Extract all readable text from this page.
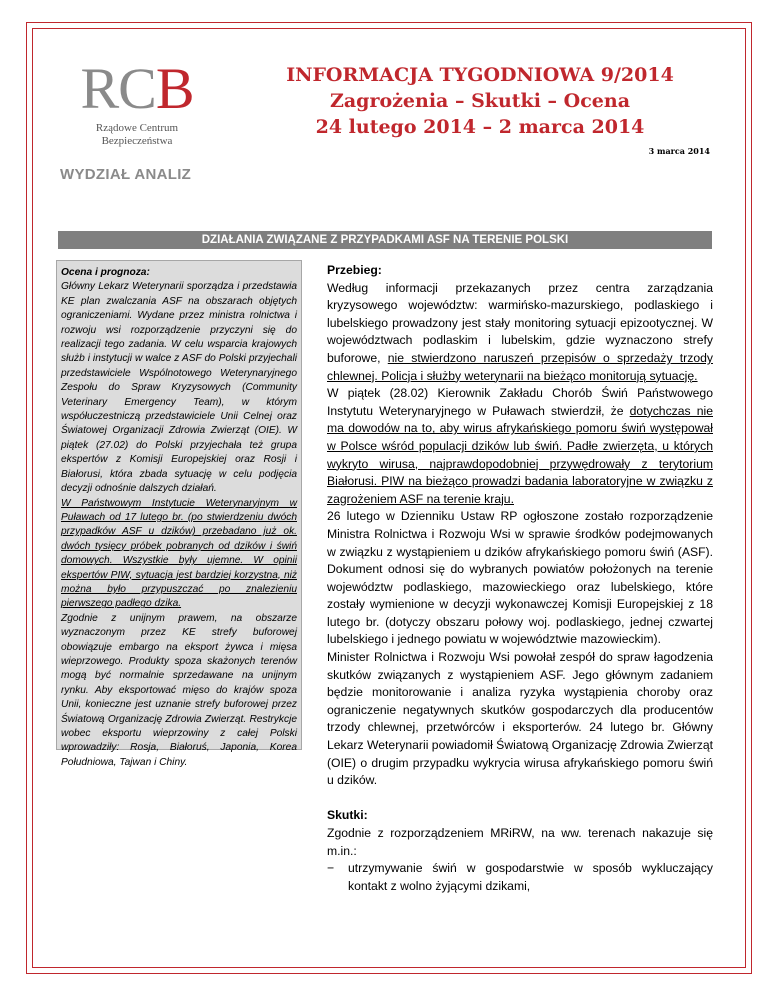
RCB
Rządowe Centrum
Bezpieczeństwa
INFORMACJA TYGODNIOWA 9/2014
Zagrożenia – Skutki – Ocena
24 lutego 2014 – 2 marca 2014
3 marca 2014
WYDZIAŁ ANALIZ
DZIAŁANIA ZWIĄZANE Z PRZYPADKAMI ASF NA TERENIE POLSKI

Ocena i prognoza:

Główny Lekarz Weterynarii sporządza i przedstawia KE plan zwalczania ASF na obszarach objętych ograniczeniami. Wydane przez ministra rolnictwa i rozwoju wsi rozporządzenie przyczyni się do realizacji tego zadania. W celu wsparcia krajowych służb i instytucji w walce z ASF do Polski przyjechali przedstawiciele Wspólnotowego Weterynaryjnego Zespołu do Spraw Kryzysowych (Community Veterinary Emergency Team), w którym współuczestniczą przedstawiciele Unii Celnej oraz Światowej Organizacji Zdrowia Zwierząt (OIE). W piątek (27.02) do Polski przyjechała też grupa ekspertów z Komisji Europejskiej oraz Rosji i Białorusi, która zbada sytuację w celu podjęcia decyzji odnośnie dalszych działań.

W Państwowym Instytucie Weterynaryjnym w Puławach od 17 lutego br. (po stwierdzeniu dwóch przypadków ASF u dzików) przebadano już ok. dwóch tysięcy próbek pobranych od dzików i świń domowych. Wszystkie były ujemne. W opinii ekspertów PIW, sytuacja jest bardziej korzystna, niż można było przypuszczać po znalezieniu pierwszego padłego dzika.

Zgodnie z unijnym prawem, na obszarze wyznaczonym przez KE strefy buforowej obowiązuje embargo na eksport żywca i mięsa wieprzowego. Produkty spoza skażonych terenów mogą być normalnie sprzedawane na unijnym rynku. Aby eksportować mięso do krajów spoza Unii, konieczne jest uznanie strefy buforowej przez Światową Organizację Zdrowia Zwierząt. Restrykcje wobec eksportu wieprzowiny z całej Polski wprowadziły: Rosja, Białoruś, Japonia, Korea Południowa, Tajwan i Chiny.

Przebieg:

Według informacji przekazanych przez centra zarządzania kryzysowego województw: warmińsko-mazurskiego, podlaskiego i lubelskiego prowadzony jest stały monitoring sytuacji epizootycznej. W województwach podlaskim i lubelskim, gdzie wyznaczono strefy buforowe, nie stwierdzono naruszeń przepisów o sprzedaży trzody chlewnej. Policja i służby weterynarii na bieżąco monitorują sytuację.

W piątek (28.02) Kierownik Zakładu Chorób Świń Państwowego Instytutu Weterynaryjnego w Puławach stwierdził, że dotychczas nie ma dowodów na to, aby wirus afrykańskiego pomoru świń występował w Polsce wśród populacji dzików lub świń. Padłe zwierzęta, u których wykryto wirusa, najprawdopodobniej przywędrowały z terytorium Białorusi. PIW na bieżąco prowadzi badania laboratoryjne w związku z zagrożeniem ASF na terenie kraju.

26 lutego w Dzienniku Ustaw RP ogłoszone zostało rozporządzenie Ministra Rolnictwa i Rozwoju Wsi w sprawie środków podejmowanych w związku z wystąpieniem u dzików afrykańskiego pomoru świń (ASF). Dokument odnosi się do wybranych powiatów położonych na terenie województw podlaskiego, mazowieckiego oraz lubelskiego, które zostały wymienione w decyzji wykonawczej Komisji Europejskiej z 18 lutego br. (dotyczy obszaru połowy woj. podlaskiego, jednej czwartej lubelskiego i jednego powiatu w województwie mazowieckim).

Minister Rolnictwa i Rozwoju Wsi powołał zespół do spraw łagodzenia skutków związanych z wystąpieniem ASF. Jego głównym zadaniem będzie monitorowanie i analiza ryzyka wystąpienia choroby oraz ograniczenie negatywnych skutków gospodarczych dla producentów trzody chlewnej, przetwórców i eksporterów. 24 lutego br. Główny Lekarz Weterynarii powiadomił Światową Organizację Zdrowia Zwierząt (OIE) o drugim przypadku wykrycia wirusa afrykańskiego pomoru świń u dzików.

Skutki:

Zgodnie z rozporządzeniem MRiRW, na ww. terenach nakazuje się m.in.:

−	utrzymywanie świń w gospodarstwie w sposób wykluczający kontakt z wolno żyjącymi dzikami,
